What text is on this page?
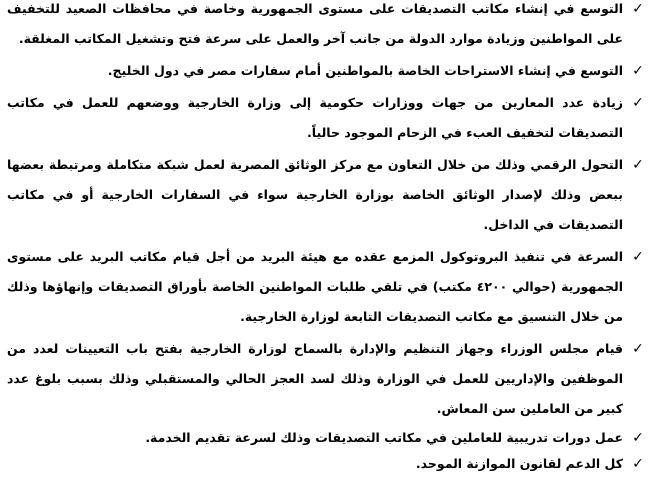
✓
التوسع في إنشاء مكاتب التصديقات على مستوى الجمهورية وخاصة في محافظات الصعيد للتخفيف على المواطنين وزيادة موارد الدولة من جانب آخر والعمل على سرعة فتح وتشغيل المكاتب المغلقة.
✓
التوسع في إنشاء الاستراحات الخاصة بالمواطنين أمام سفارات مصر في دول الخليج.
✓
زيادة عدد المعارين من جهات ووزارات حكومية إلى وزارة الخارجية ووضعهم للعمل في مكاتب التصديقات لتخفيف العبء في الزحام الموجود حالياً.
✓
التحول الرقمي وذلك من خلال التعاون مع مركز الوثائق المصرية لعمل شبكة متكاملة ومرتبطة بعضها ببعض وذلك لإصدار الوثائق الخاصة بوزارة الخارجية سواء في السفارات الخارجية أو في مكاتب التصديقات في الداخل.
✓
السرعة في تنفيذ البروتوكول المزمع عقده مع هيئة البريد من أجل قيام مكاتب البريد على مستوى الجمهورية (حوالي ٤٢٠٠ مكتب) في تلقي طلبات المواطنين الخاصة بأوراق التصديقات وإنهاؤها وذلك من خلال التنسيق مع مكاتب التصديقات التابعة لوزارة الخارجية.
✓
قيام مجلس الوزراء وجهاز التنظيم والإدارة بالسماح لوزارة الخارجية بفتح باب التعيينات لعدد من الموظفين والإداريين للعمل في الوزارة وذلك لسد العجز الحالي والمستقبلي وذلك بسبب بلوغ عدد كبير من العاملين سن المعاش.
✓
عمل دورات تدريبية للعاملين في مكاتب التصديقات وذلك لسرعة تقديم الخدمة.
✓
كل الدعم لقانون الموازنة الموحد.
